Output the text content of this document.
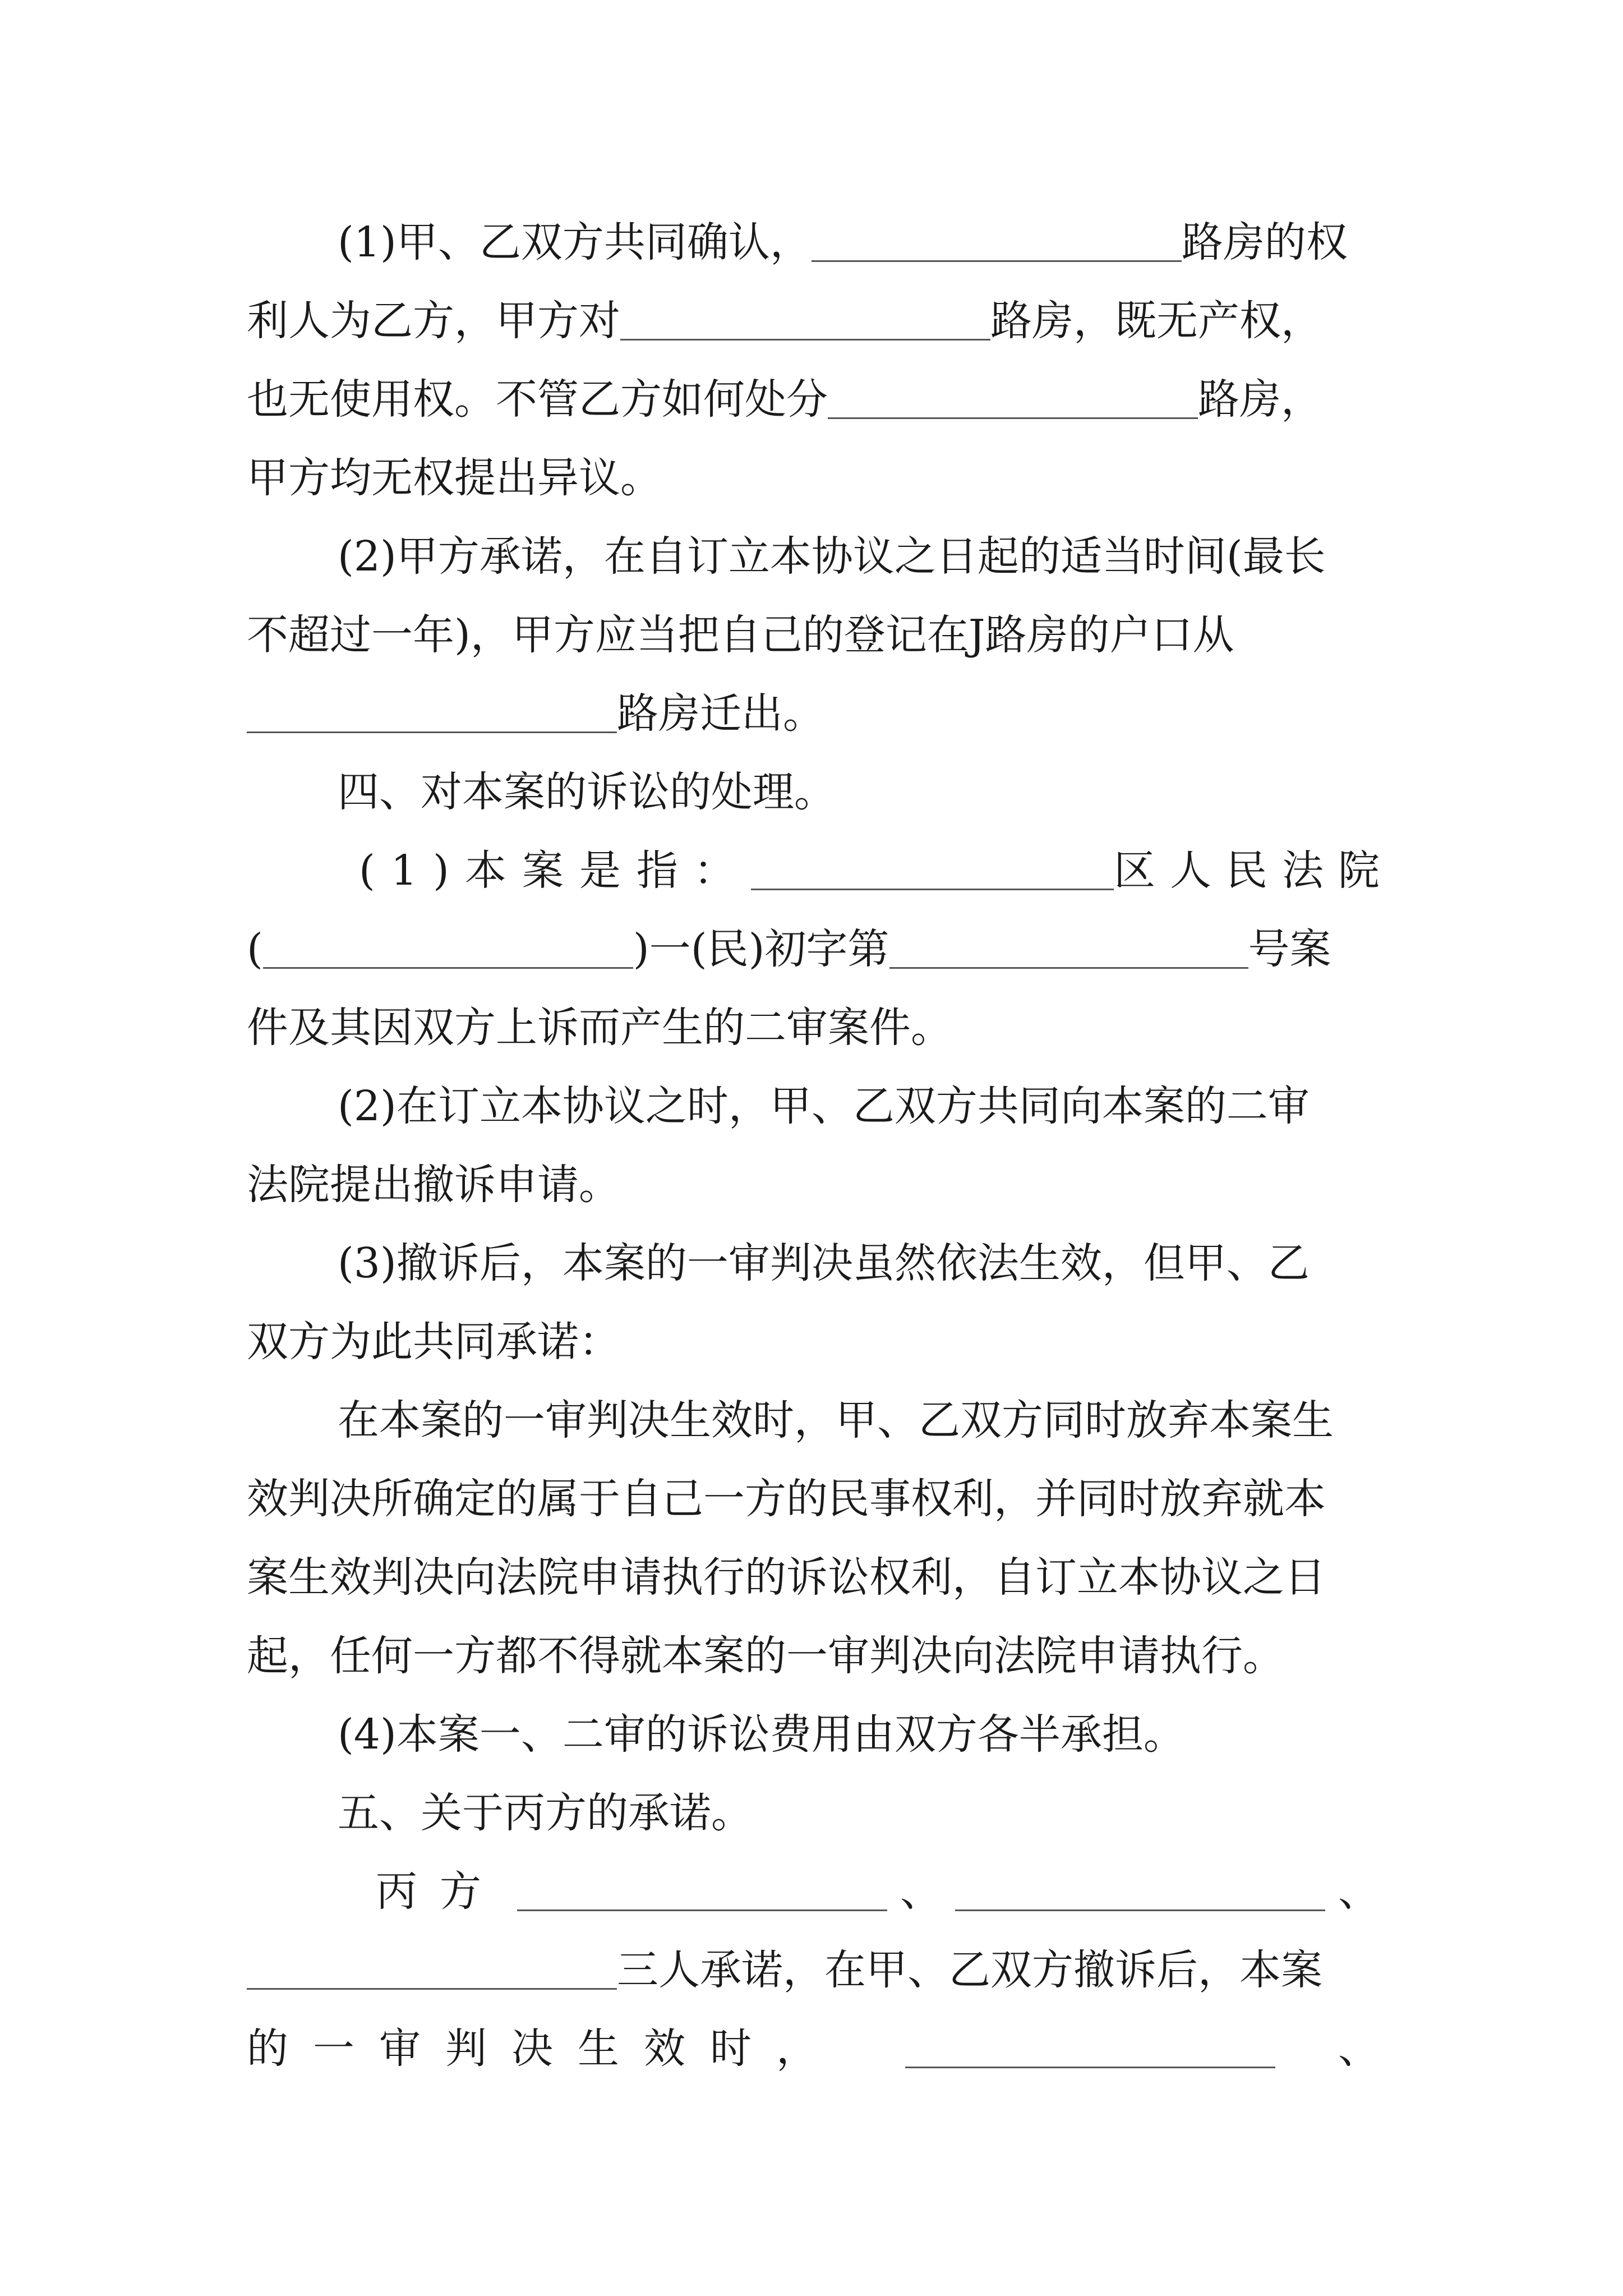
(1)甲、乙双方共同确认，	路房的权
利人为乙方，甲方对	路房，既无产权，
也无使用权。不管乙方如何处分	路房，
甲方均无权提出异议。
(2)甲方承诺，在自订立本协议之日起的适当时间(最长
不超过一年)，甲方应当把自己的登记在J路房的户口从
路房迁出。
四、对本案的诉讼的处理。
(1)本案是指：	区人民法院
(	)一(民)初字第	号案
件及其因双方上诉而产生的二审案件。
(2)在订立本协议之时，甲、乙双方共同向本案的二审
法院提出撤诉申请。
(3)撤诉后，本案的一审判决虽然依法生效，但甲、乙
双方为此共同承诺：
在本案的一审判决生效时，甲、乙双方同时放弃本案生
效判决所确定的属于自己一方的民事权利，并同时放弃就本
案生效判决向法院申请执行的诉讼权利，自订立本协议之日
起，任何一方都不得就本案的一审判决向法院申请执行。
(4)本案一、二审的诉讼费用由双方各半承担。
五、关于丙方的承诺。
丙方	、	、
三人承诺，在甲、乙双方撤诉后，本案
的一审判决生效时，	、
